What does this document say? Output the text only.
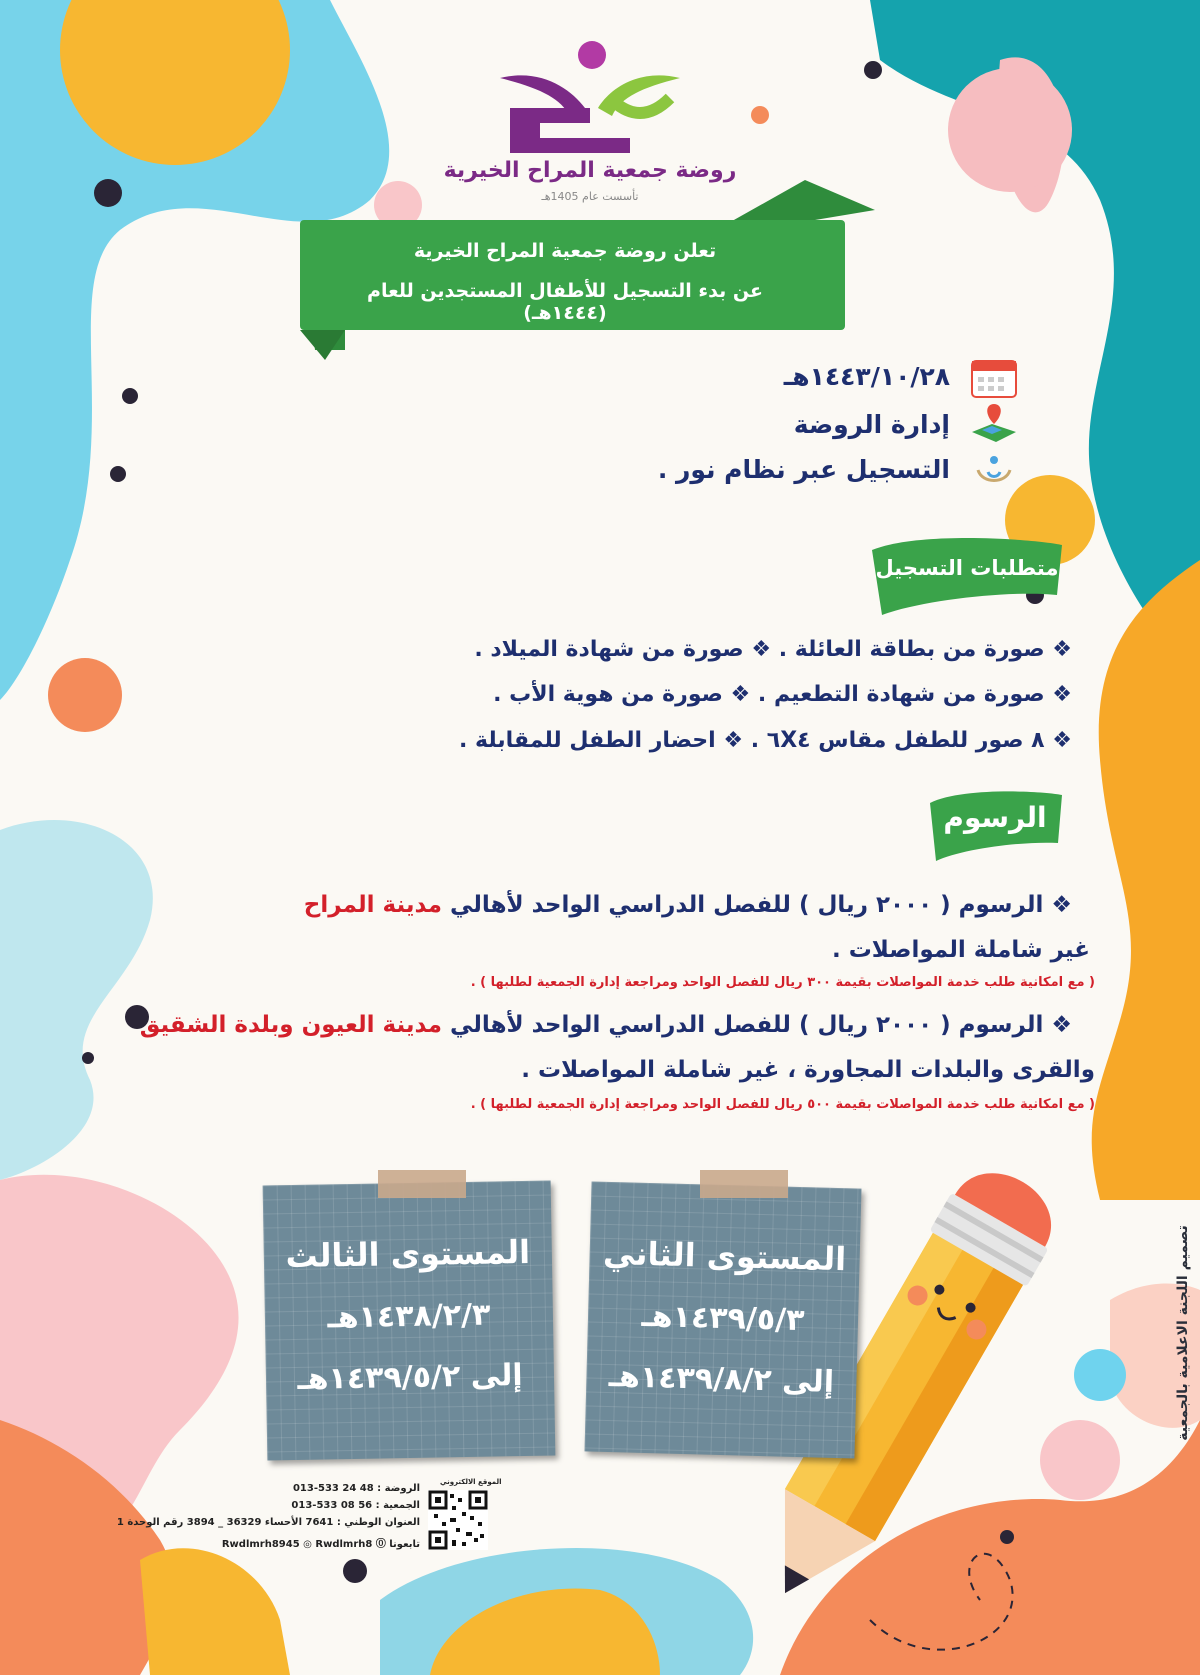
روضة جمعية المراح الخيرية
تأسست عام 1405هـ
تعلن روضة جمعية المراح الخيرية
عن بدء التسجيل للأطفال المستجدين للعام (١٤٤٤هـ)
١٤٤٣/١٠/٢٨هـ
إدارة الروضة
التسجيل عبر نظام نور .
متطلبات التسجيل
❖ صورة من بطاقة العائلة . ❖ صورة من شهادة الميلاد .
❖ صورة من شهادة التطعيم . ❖ صورة من هوية الأب .
❖ ٨ صور للطفل مقاس ٦X٤ . ❖ احضار الطفل للمقابلة .
الرسوم
❖ الرسوم ( ٢٠٠٠ ريال ) للفصل الدراسي الواحد لأهالي مدينة المراح
غير شاملة المواصلات .
( مع امكانية طلب خدمة المواصلات بقيمة ٣٠٠ ريال للفصل الواحد ومراجعة إدارة الجمعية لطلبها ) .
❖ الرسوم ( ٢٠٠٠ ريال ) للفصل الدراسي الواحد لأهالي مدينة العيون وبلدة الشقيق
والقرى والبلدات المجاورة ، غير شاملة المواصلات .
( مع امكانية طلب خدمة المواصلات بقيمة ٥٠٠ ريال للفصل الواحد ومراجعة إدارة الجمعية لطلبها ) .
المستوى الثاني
١٤٣٩/٥/٣هـ
إلى ١٤٣٩/٨/٢هـ
المستوى الثالث
١٤٣٨/٢/٣هـ
إلى ١٤٣٩/٥/٢هـ
الموقع الالكتروني
الروضة : 48 24 533-013
الجمعية : 56 08 533-013
العنوان الوطني : 7641 الأحساء 36329 _ 3894 رقم الوحدة 1
تابعونا ⓪ Rwdlmrh8945 ◎ Rwdlmrh8
تصميم اللجنة الاعلامية بالجمعية
